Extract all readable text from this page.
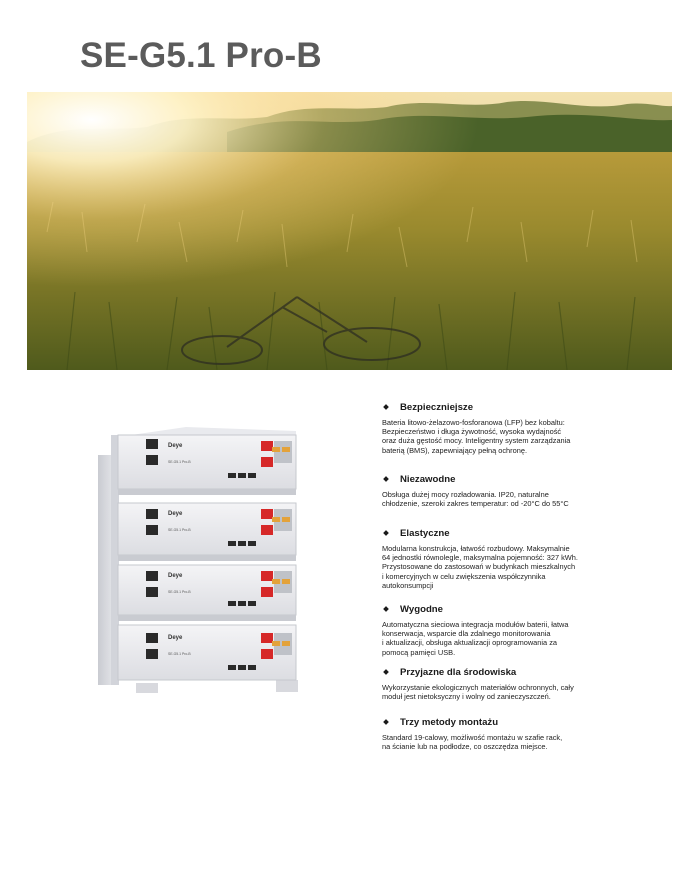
SE-G5.1 Pro-B
Deye
SE-G5.1 Pro-B
Deye
SE-G5.1 Pro-B
Deye
SE-G5.1 Pro-B
Deye
SE-G5.1 Pro-B
Bezpieczniejsze
Bateria litowo-żelazowo-fosforanowa (LFP) bez kobaltu:
Bezpieczeństwo i długa żywotność, wysoka wydajność
oraz duża gęstość mocy. Inteligentny system zarządzania
baterią (BMS), zapewniający pełną ochronę.
Niezawodne
Obsługa dużej mocy rozładowania. IP20, naturalne
chłodzenie, szeroki zakres temperatur: od -20°C do 55°C
Elastyczne
Modularna konstrukcja, łatwość rozbudowy. Maksymalnie
64 jednostki równolegle, maksymalna pojemność: 327 kWh.
Przystosowane do zastosowań w budynkach mieszkalnych
i komercyjnych w celu zwiększenia współczynnika
autokonsumpcji
Wygodne
Automatyczna sieciowa integracja modułów baterii, łatwa
konserwacja, wsparcie dla zdalnego monitorowania
i aktualizacji, obsługa aktualizacji oprogramowania za
pomocą pamięci USB.
Przyjazne dla środowiska
Wykorzystanie ekologicznych materiałów ochronnych, cały
moduł jest nietoksyczny i wolny od zanieczyszczeń.
Trzy metody montażu
Standard 19-calowy, możliwość montażu w szafie rack,
na ścianie lub na podłodze, co oszczędza miejsce.
